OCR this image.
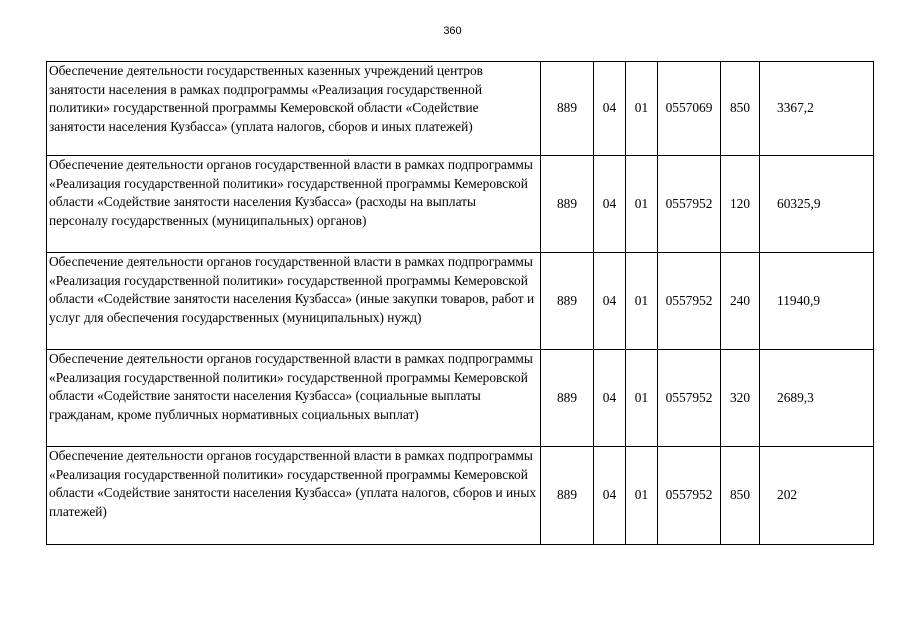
360
Обеспечение деятельности государственных казенных учреждений центров занятости населения в рамках подпрограммы «Реализация государственной политики» государственной программы Кемеровской области «Содействие занятости населения Кузбасса» (уплата налогов, сборов и иных платежей)	889	04	01	0557069	850	3367,2
Обеспечение деятельности органов государственной власти в рамках подпрограммы «Реализация государственной политики» государственной программы Кемеровской области «Содействие занятости населения Кузбасса» (расходы на выплаты персоналу государственных (муниципальных) органов)	889	04	01	0557952	120	60325,9
Обеспечение деятельности органов государственной власти в рамках подпрограммы «Реализация государственной политики» государственной программы Кемеровской области «Содействие занятости населения Кузбасса» (иные закупки товаров, работ и услуг для обеспечения государственных (муниципальных) нужд)	889	04	01	0557952	240	11940,9
Обеспечение деятельности органов государственной власти в рамках подпрограммы «Реализация государственной политики» государственной программы Кемеровской области «Содействие занятости населения Кузбасса» (социальные выплаты гражданам, кроме публичных нормативных социальных выплат)	889	04	01	0557952	320	2689,3
Обеспечение деятельности органов государственной власти в рамках подпрограммы «Реализация государственной политики» государственной программы Кемеровской области «Содействие занятости населения Кузбасса» (уплата налогов, сборов и иных платежей)	889	04	01	0557952	850	202
